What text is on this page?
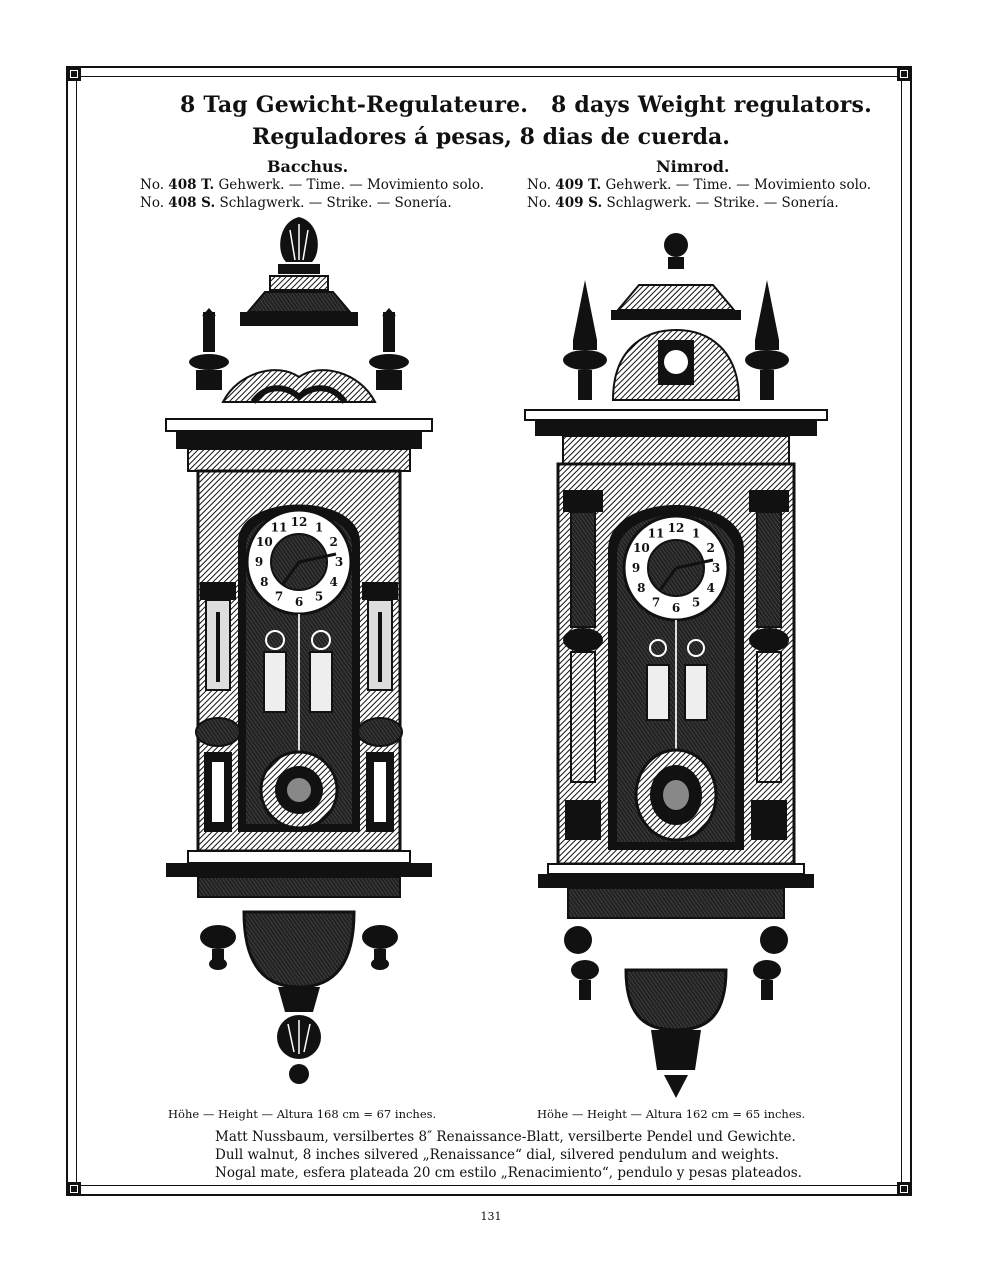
8 Tag Gewicht-Regulateure. 8 days Weight regulators.
Reguladores á pesas, 8 dias de cuerda.
Bacchus.
No. 408 T. Gehwerk. — Time. — Movimiento solo.
No. 408 S. Schlagwerk. — Strike. — Sonería.
Nimrod.
No. 409 T. Gehwerk. — Time. — Movimiento solo.
No. 409 S. Schlagwerk. — Strike. — Sonería.
12 1
2
3
4
5
6
7
8
9
10
11	12 1
2
3
4
5
6
7
8
9
10
11
Höhe — Height — Altura 168 cm = 67 inches.	Höhe — Height — Altura 162 cm = 65 inches.
Matt Nussbaum, versilbertes 8″ Renaissance-Blatt, versilberte Pendel und Gewichte.
Dull walnut, 8 inches silvered „Renaissance“ dial, silvered pendulum and weights.
Nogal mate, esfera plateada 20 cm estilo „Renacimiento“, pendulo y pesas plateados.
131
